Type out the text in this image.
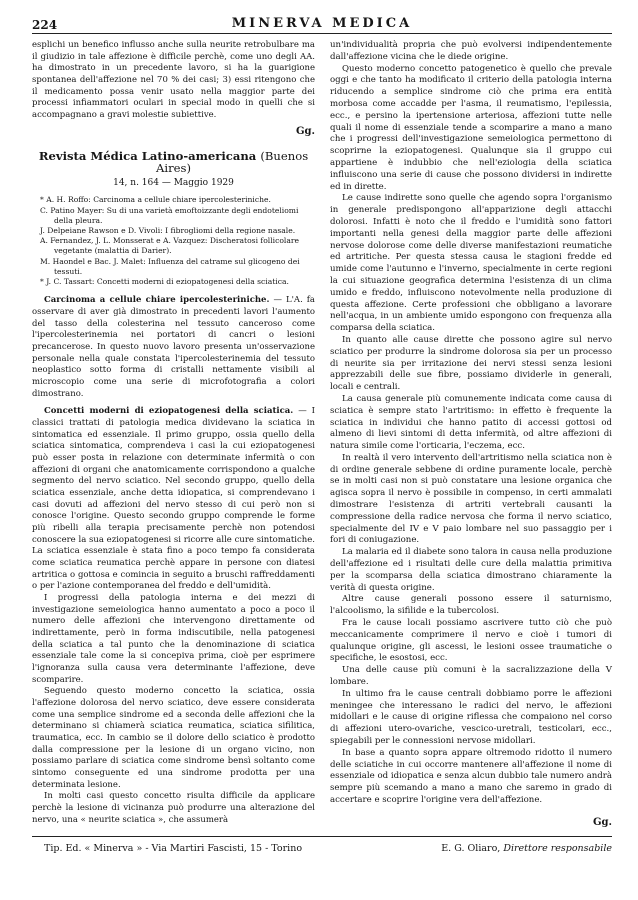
224	MINERVA MEDICA

esplichi un benefico influsso anche sulla neurite retrobulbare ma il giudizio in tale affezione è difficile perchè, come uno degli AA. ha dimostrato in un precedente lavoro, si ha la guarigione spontanea dell'affezione nel 70 % dei casi; 3) essi ritengono che il medicamento possa venir usato nella maggior parte dei processi infiammatori oculari in special modo in quelli che si accompagnano a gravi molestie subiettive.

Gg.

Revista Médica Latino-americana (Buenos Aires)

14, n. 164 — Maggio 1929

* A. H. Roffo: Carcinoma a cellule chiare ipercolesteriniche.
C. Patino Mayer: Su di una varietà emoftoizzante degli endoteliomi della pleura.
J. Delpeiane Rawson e D. Vivoli: I fibrogliomi della regione nasale.
A. Fernandez, J. L. Monsserat e A. Vazquez: Discheratosi follicolare vegetante (malattia di Darier).
M. Haondel e Bac. J. Malet: Influenza del catrame sul glicogeno dei tessuti.
* J. C. Tassart: Concetti moderni di eziopatogenesi della sciatica.

Carcinoma a cellule chiare ipercolesteriniche. — L'A. fa osservare di aver già dimostrato in precedenti lavori l'aumento del tasso della colesterina nel tessuto canceroso come l'ipercolesterinemia nei portatori di cancri o lesioni precancerose. In questo nuovo lavoro presenta un'osservazione personale nella quale constata l'ipercolesterinemia del tessuto neoplastico sotto forma di cristalli nettamente visibili al microscopio come una serie di microfotografia a colori dimostrano.

Concetti moderni di eziopatogenesi della sciatica. — I classici trattati di patologia medica dividevano la sciatica in sintomatica ed essenziale. Il primo gruppo, ossia quello della sciatica sintomatica, comprendeva i casi la cui eziopatogenesi può esser posta in relazione con determinate infermità o con affezioni di organi che anatomicamente corrispondono a qualche segmento del nervo sciatico. Nel secondo gruppo, quello della sciatica essenziale, anche detta idiopatica, si comprendevano i casi dovuti ad affezioni del nervo stesso di cui però non si conosce l'origine. Questo secondo gruppo comprende le forme più ribelli alla terapia precisamente perchè non potendosi conoscere la sua eziopatogenesi si ricorre alle cure sintomatiche. La sciatica essenziale è stata fino a poco tempo fa considerata come sciatica reumatica perchè appare in persone con diatesi artritica o gottosa e comincia in seguito a bruschi raffreddamenti o per l'azione contemporanea del freddo e dell'umidità.

I progressi della patologia interna e dei mezzi di investigazione semeiologica hanno aumentato a poco a poco il numero delle affezioni che intervengono direttamente od indirettamente, però in forma indiscutibile, nella patogenesi della sciatica a tal punto che la denominazione di sciatica essenziale tale come la si concepiva prima, cioè per esprimere l'ignoranza sulla causa vera determinante l'affezione, deve scomparire.

Seguendo questo moderno concetto la sciatica, ossia l'affezione dolorosa del nervo sciatico, deve essere considerata come una semplice sindrome ed a seconda delle affezioni che la determinano si chiamerà sciatica reumatica, sciatica sifilitica, traumatica, ecc. In cambio se il dolore dello sciatico è prodotto dalla compressione per la lesione di un organo vicino, non possiamo parlare di sciatica come sindrome bensì soltanto come sintomo conseguente ed una sindrome prodotta per una determinata lesione.

In molti casi questo concetto risulta difficile da applicare perchè la lesione di vicinanza può produrre una alterazione del nervo, una « neurite sciatica », che assumerà

un'individualità propria che può evolversi indipendentemente dall'affezione vicina che le diede origine.

Questo moderno concetto patogenetico è quello che prevale oggi e che tanto ha modificato il criterio della patologia interna riducendo a semplice sindrome ciò che prima era entità morbosa come accadde per l'asma, il reumatismo, l'epilessia, ecc., e persino la ipertensione arteriosa, affezioni tutte nelle quali il nome di essenziale tende a scomparire a mano a mano che i progressi dell'investigazione semeiologica permettono di scoprirne la eziopatogenesi. Qualunque sia il gruppo cui appartiene è indubbio che nell'eziologia della sciatica influiscono una serie di cause che possono dividersi in indirette ed in dirette.

Le cause indirette sono quelle che agendo sopra l'organismo in generale predispongono all'apparizione degli attacchi dolorosi. Infatti è noto che il freddo e l'umidità sono fattori importanti nella genesi della maggior parte delle affezioni nervose dolorose come delle diverse manifestazioni reumatiche ed artritiche. Per questa stessa causa le stagioni fredde ed umide come l'autunno e l'inverno, specialmente in certe regioni la cui situazione geografica determina l'esistenza di un clima umido e freddo, influiscono notevolmente nella produzione di questa affezione. Certe professioni che obbligano a lavorare nell'acqua, in un ambiente umido espongono con frequenza alla comparsa della sciatica.

In quanto alle cause dirette che possono agire sul nervo sciatico per produrre la sindrome dolorosa sia per un processo di neurite sia per irritazione dei nervi stessi senza lesioni apprezzabili delle sue fibre, possiamo dividerle in generali, locali e centrali.

La causa generale più comunemente indicata come causa di sciatica è sempre stato l'artritismo: in effetto è frequente la sciatica in individui che hanno patito di accessi gottosi od almeno di lievi sintomi di detta infermità, od altre affezioni di natura simile come l'orticaria, l'eczema, ecc.

In realtà il vero intervento dell'artritismo nella sciatica non è di ordine generale sebbene di ordine puramente locale, perchè se in molti casi non si può constatare una lesione organica che agisca sopra il nervo è possibile in compenso, in certi ammalati dimostrare l'esistenza di artriti vertebrali causanti la compressione della radice nervosa che forma il nervo sciatico, specialmente del IV e V paio lombare nel suo passaggio per i fori di coniugazione.

La malaria ed il diabete sono talora in causa nella produzione dell'affezione ed i risultati delle cure della malattia primitiva per la scomparsa della sciatica dimostrano chiaramente la verità di questa origine.

Altre cause generali possono essere il saturnismo, l'alcoolismo, la sifilide e la tubercolosi.

Fra le cause locali possiamo ascrivere tutto ciò che può meccanicamente comprimere il nervo e cioè i tumori di qualunque origine, gli ascessi, le lesioni ossee traumatiche o specifiche, le esostosi, ecc.

Una delle cause più comuni è la sacralizzazione della V lombare.

In ultimo fra le cause centrali dobbiamo porre le affezioni meningee che interessano le radici del nervo, le affezioni midollari e le cause di origine riflessa che compaiono nel corso di affezioni utero-ovariche, vescico-uretrali, testicolari, ecc., spiegabili per le connessioni nervose midollari.

In base a quanto sopra appare oltremodo ridotto il numero delle sciatiche in cui occorre mantenere all'affezione il nome di essenziale od idiopatica e senza alcun dubbio tale numero andrà sempre più scemando a mano a mano che saremo in grado di accertare e scoprire l'origine vera dell'affezione.

Gg.

Tip. Ed. « Minerva » - Via Martiri Fascisti, 15 - Torino	E. G. Oliaro, Direttore responsabile
